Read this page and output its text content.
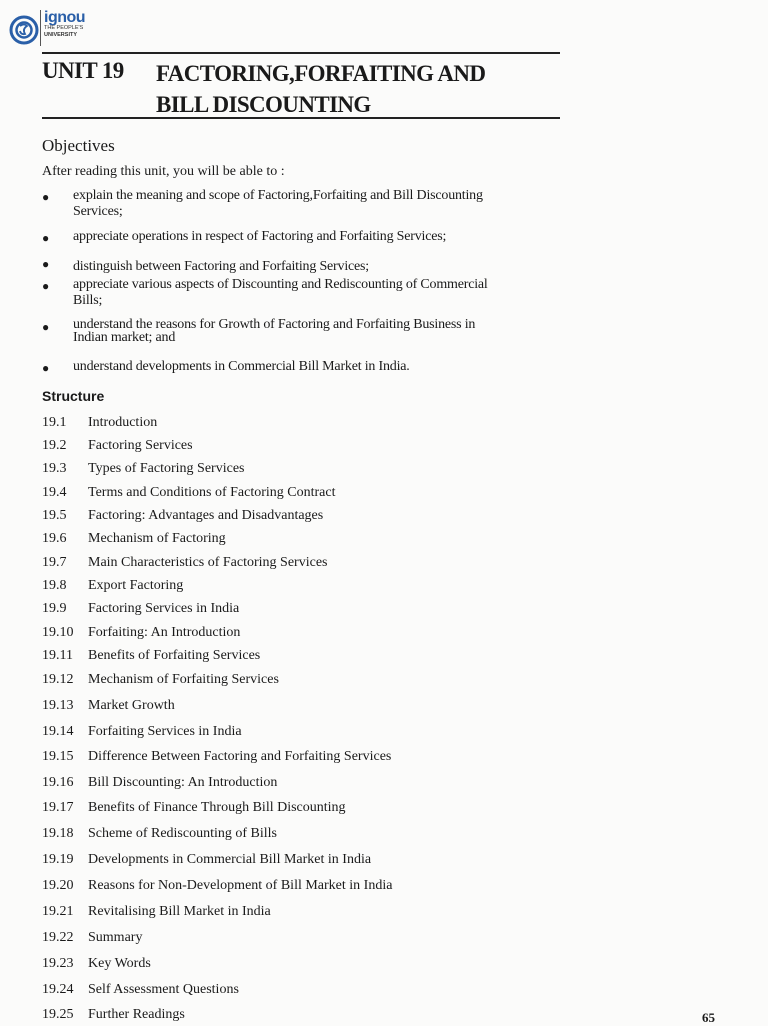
ignou
THE PEOPLE'S
UNIVERSITY
UNIT 19 FACTORING,FORFAITING AND
BILL DISCOUNTING
Objectives
After reading this unit, you will be able to :
● explain the meaning and scope of Factoring,Forfaiting and Bill Discounting
Services;
● appreciate operations in respect of Factoring and Forfaiting Services;
● distinguish between Factoring and Forfaiting Services;
● appreciate various aspects of Discounting and Rediscounting of Commercial
Bills;
● understand the reasons for Growth of Factoring and Forfaiting Business in
Indian market; and
● understand developments in Commercial Bill Market in India.
Structure
19.1 Introduction
19.2 Factoring Services
19.3 Types of Factoring Services
19.4 Terms and Conditions of Factoring Contract
19.5 Factoring: Advantages and Disadvantages
19.6 Mechanism of Factoring
19.7 Main Characteristics of Factoring Services
19.8 Export Factoring
19.9 Factoring Services in India
19.10 Forfaiting: An Introduction
19.11 Benefits of Forfaiting Services
19.12 Mechanism of Forfaiting Services
19.13 Market Growth
19.14 Forfaiting Services in India
19.15 Difference Between Factoring and Forfaiting Services
19.16 Bill Discounting: An Introduction
19.17 Benefits of Finance Through Bill Discounting
19.18 Scheme of Rediscounting of Bills
19.19 Developments in Commercial Bill Market in India
19.20 Reasons for Non-Development of Bill Market in India
19.21 Revitalising Bill Market in India
19.22 Summary
19.23 Key Words
19.24 Self Assessment Questions
19.25 Further Readings	65
